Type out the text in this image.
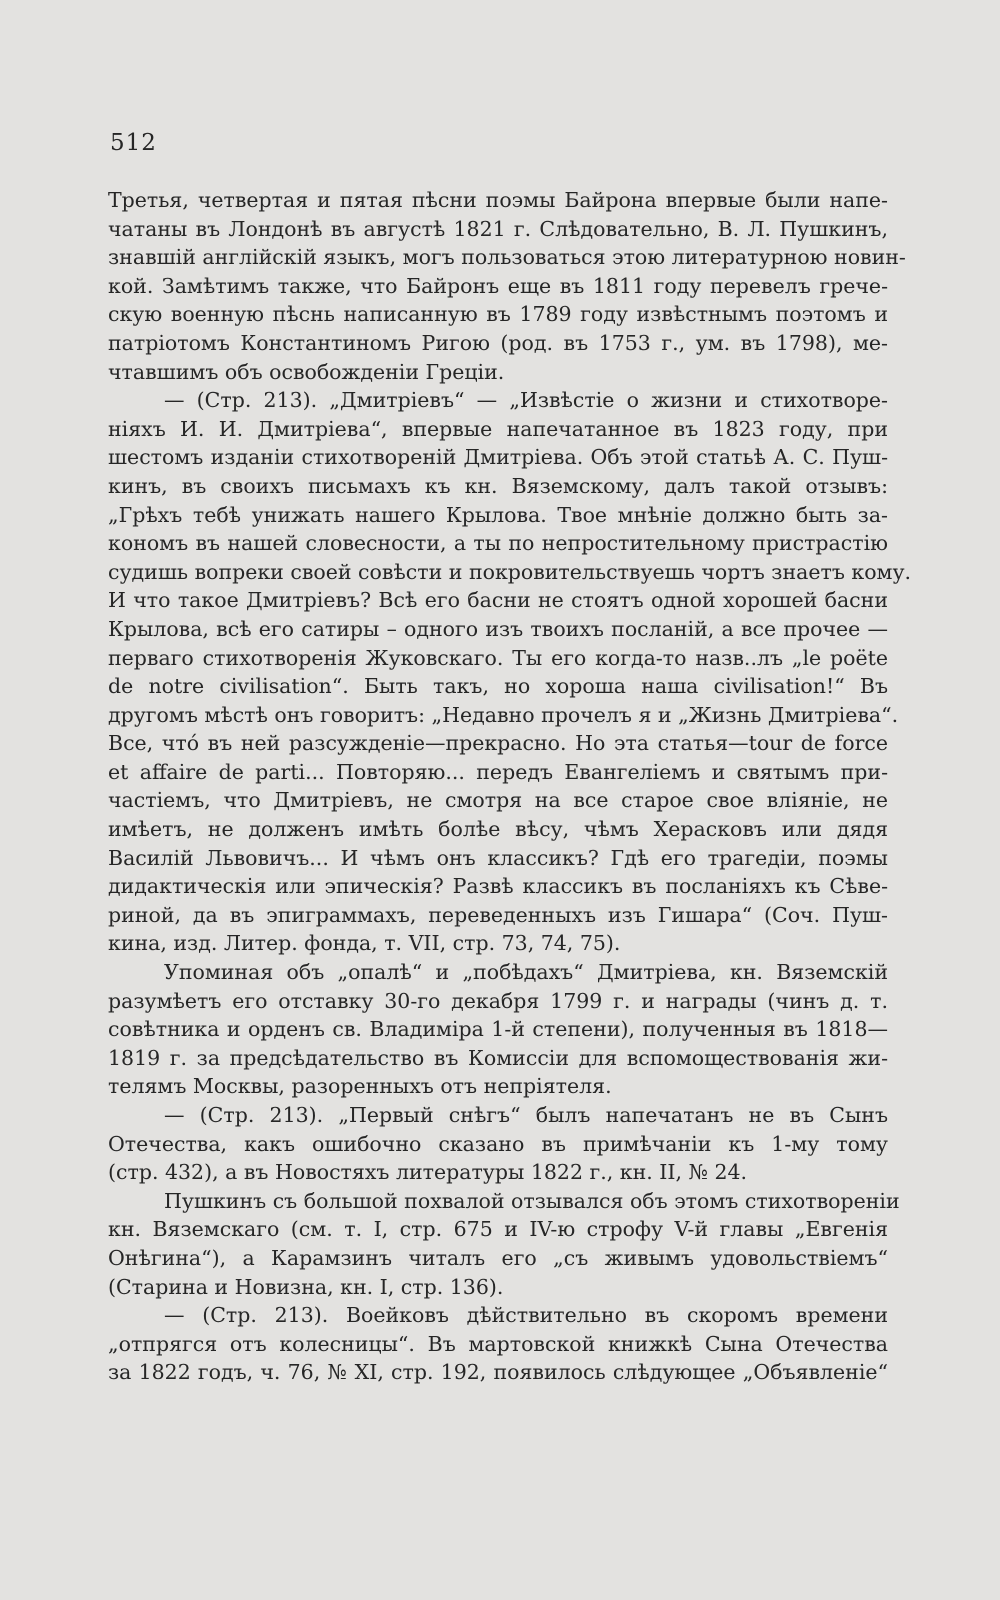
512
Третья, четвертая и пятая пѣсни поэмы Байрона впервые были напе-
чатаны въ Лондонѣ въ августѣ 1821 г. Слѣдовательно, В. Л. Пушкинъ,
знавшій англійскій языкъ, могъ пользоваться этою литературною новин-
кой. Замѣтимъ также, что Байронъ еще въ 1811 году перевелъ грече-
скую военную пѣснь написанную въ 1789 году извѣстнымъ поэтомъ и
патріотомъ Константиномъ Ригою (род. въ 1753 г., ум. въ 1798), ме-
чтавшимъ объ освобожденіи Греціи.
— (Стр. 213). „Дмитріевъ“ — „Извѣстіе о жизни и стихотворе-
ніяхъ И. И. Дмитріева“, впервые напечатанное въ 1823 году, при
шестомъ изданіи стихотвореній Дмитріева. Объ этой статьѣ А. С. Пуш-
кинъ, въ своихъ письмахъ къ кн. Вяземскому, далъ такой отзывъ:
„Грѣхъ тебѣ унижать нашего Крылова. Твое мнѣніе должно быть за-
кономъ въ нашей словесности, а ты по непростительному пристрастію
судишь вопреки своей совѣсти и покровительствуешь чортъ знаетъ кому.
И что такое Дмитріевъ? Всѣ его басни не стоятъ одной хорошей басни
Крылова, всѣ его сатиры – одного изъ твоихъ посланій, а все прочее —
перваго стихотворенія Жуковскаго. Ты его когда-то назв..лъ „le poëte
de notre civilisation“. Быть такъ, но хороша наша civilisation!“ Въ
другомъ мѣстѣ онъ говоритъ: „Недавно прочелъ я и „Жизнь Дмитріева“.
Все, что́ въ ней разсужденіе—прекрасно. Но эта статья—tour de force
et affaire de parti... Повторяю... передъ Евангеліемъ и святымъ при-
частіемъ, что Дмитріевъ, не смотря на все старое свое вліяніе, не
имѣетъ, не долженъ имѣть болѣе вѣсу, чѣмъ Херасковъ или дядя
Василій Львовичъ... И чѣмъ онъ классикъ? Гдѣ его трагедіи, поэмы
дидактическія или эпическія? Развѣ классикъ въ посланіяхъ къ Сѣве-
риной, да въ эпиграммахъ, переведенныхъ изъ Гишара“ (Соч. Пуш-
кина, изд. Литер. фонда, т. VII, стр. 73, 74, 75).
Упоминая объ „опалѣ“ и „побѣдахъ“ Дмитріева, кн. Вяземскій
разумѣетъ его отставку 30-го декабря 1799 г. и награды (чинъ д. т.
совѣтника и орденъ св. Владиміра 1-й степени), полученныя въ 1818—
1819 г. за предсѣдательство въ Комиссіи для вспомоществованія жи-
телямъ Москвы, разоренныхъ отъ непріятеля.
— (Стр. 213). „Первый снѣгъ“ былъ напечатанъ не въ Сынъ
Отечества, какъ ошибочно сказано въ примѣчаніи къ 1-му тому
(стр. 432), а въ Новостяхъ литературы 1822 г., кн. II, № 24.
Пушкинъ съ большой похвалой отзывался объ этомъ стихотвореніи
кн. Вяземскаго (см. т. I, стр. 675 и IV-ю строфу V-й главы „Евгенія
Онѣгина“), а Карамзинъ читалъ его „съ живымъ удовольствіемъ“
(Старина и Новизна, кн. I, стр. 136).
— (Стр. 213). Воейковъ дѣйствительно въ скоромъ времени
„отпрягся отъ колесницы“. Въ мартовской книжкѣ Сына Отечества
за 1822 годъ, ч. 76, № XI, стр. 192, появилось слѣдующее „Объявленіе“
